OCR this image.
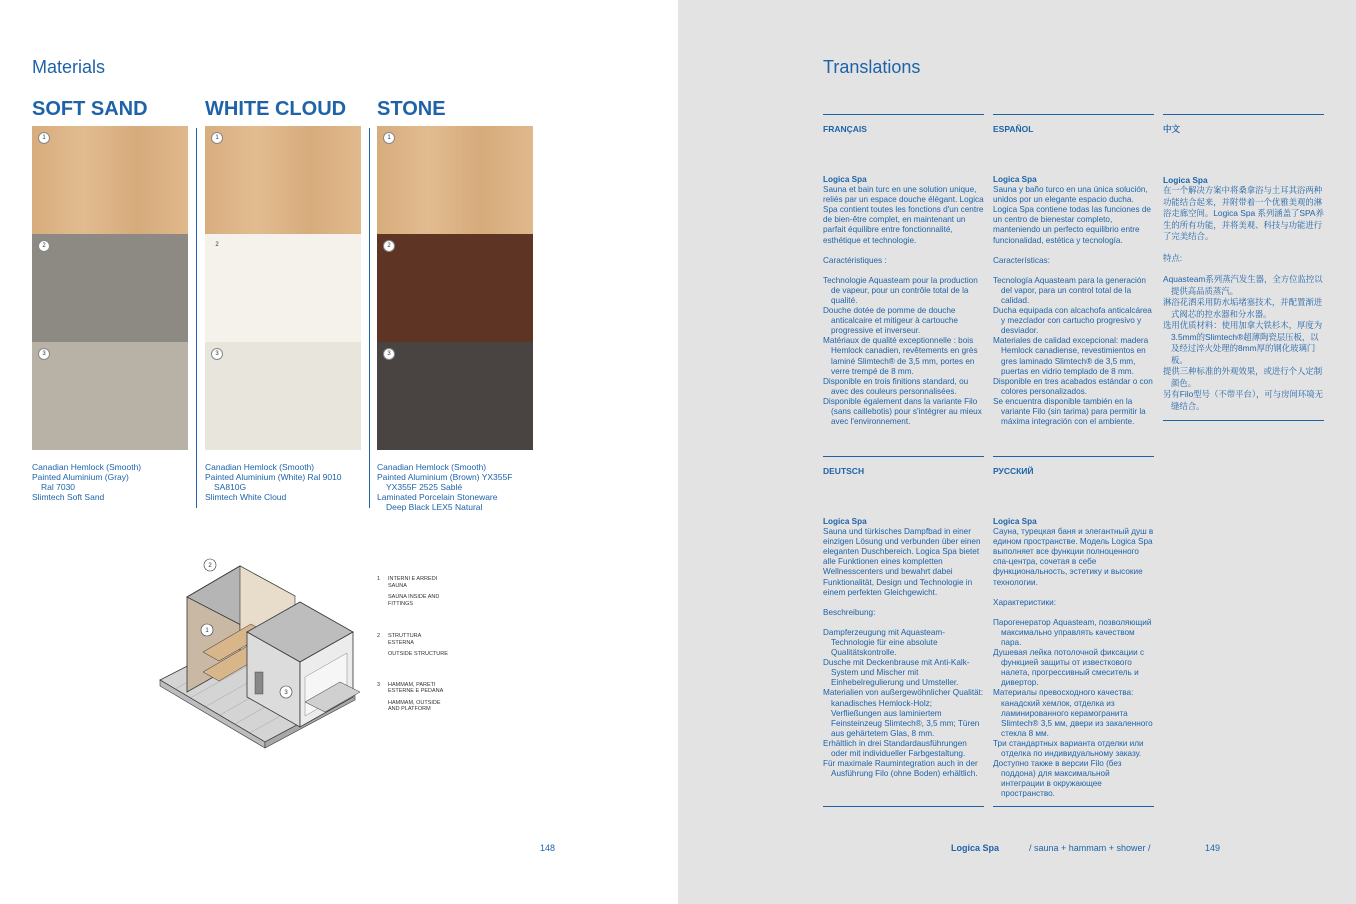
Materials
SOFT SAND
1
2
3
Canadian Hemlock (Smooth)
Painted Aluminium (Gray)

Ral 7030
Slimtech Soft Sand
WHITE CLOUD
1
2
3
Canadian Hemlock (Smooth)
Painted Aluminium (White) Ral 9010

SA810G
Slimtech White Cloud
STONE
1
2
3
Canadian Hemlock (Smooth)
Painted Aluminium (Brown) YX355F

YX355F 2525 Sablé
Laminated Porcelain Stoneware

Deep Black LEX5 Natural
2
1
3
1	INTERNI E ARREDI SAUNA
SAUNA INSIDE AND FITTINGS
2	STRUTTURA ESTERNA
OUTSIDE STRUCTURE
3	HAMMAM, PARETI ESTERNE E PEDANA
HAMMAM, OUTSIDE AND PLATFORM
148
Translations
FRANÇAIS

Logica Spa

Sauna et bain turc en une solution unique, reliés par un espace douche élégant. Logica Spa contient toutes les fonctions d'un centre de bien-être complet, en maintenant un parfait équilibre entre fonctionnalité, esthétique et technologie.

Caractéristiques :

Technologie Aquasteam pour la production de vapeur, pour un contrôle total de la qualité.

Douche dotée de pomme de douche anticalcaire et mitigeur à cartouche progressive et inverseur.

Matériaux de qualité exceptionnelle : bois Hemlock canadien, revêtements en grès laminé Slimtech® de 3,5 mm, portes en verre trempé de 8 mm.

Disponible en trois finitions standard, ou avec des couleurs personnalisées.

Disponible également dans la variante Filo (sans caillebotis) pour s'intégrer au mieux avec l'environnement.

ESPAÑOL

Logica Spa

Sauna y baño turco en una única solución, unidos por un elegante espacio ducha. Logica Spa contiene todas las funciones de un centro de bienestar completo, manteniendo un perfecto equilibrio entre funcionalidad, estética y tecnología.

Características:

Tecnología Aquasteam para la generación del vapor, para un control total de la calidad.

Ducha equipada con alcachofa anticalcárea y mezclador con cartucho progresivo y desviador.

Materiales de calidad excepcional: madera Hemlock canadiense, revestimientos en gres laminado Slimtech® de 3,5 mm, puertas en vidrio templado de 8 mm.

Disponible en tres acabados estándar o con colores personalizados.

Se encuentra disponible también en la variante Filo (sin tarima) para permitir la máxima integración con el ambiente.

中文

Logica Spa

在一个解决方案中将桑拿浴与土耳其浴两种功能结合起来，并附带着一个优雅美观的淋浴走廊空间。Logica Spa 系列涵盖了SPA养生的所有功能，并将美观、科技与功能进行了完美结合。

特点:

Aquasteam系列蒸汽发生器，全方位监控以提供高品质蒸汽。

淋浴花洒采用防水垢堵塞技术，并配置渐进式阀芯的控水器和分水器。

选用优质材料：使用加拿大铁杉木，厚度为3.5mm的Slimtech®超薄陶瓷层压板，以及经过淬火处理的8mm厚的钢化玻璃门板。

提供三种标准的外观效果，或进行个人定制颜色。

另有Filo型号（不带平台），可与房间环境无缝结合。

DEUTSCH

Logica Spa

Sauna und türkisches Dampfbad in einer einzigen Lösung und verbunden über einen eleganten Duschbereich. Logica Spa bietet alle Funktionen eines kompletten Wellnesscenters und bewahrt dabei Funktionalität, Design und Technologie in einem perfekten Gleichgewicht.

Beschreibung:

Dampferzeugung mit Aquasteam-Technologie für eine absolute Qualitätskontrolle.

Dusche mit Deckenbrause mit Anti-Kalk-System und Mischer mit Einhebelregulierung und Umsteller.

Materialien von außergewöhnlicher Qualität: kanadisches Hemlock-Holz; Verfließungen aus laminiertem Feinsteinzeug Slimtech®, 3,5 mm; Türen aus gehärtetem Glas, 8 mm.

Erhältlich in drei Standardausführungen oder mit individueller Farbgestaltung.

Für maximale Raumintegration auch in der Ausführung Filo (ohne Boden) erhältlich.

РУССКИЙ

Logica Spa

Сауна, турецкая баня и элегантный душ в едином пространстве. Модель Logica Spa выполняет все функции полноценного спа-центра, сочетая в себе функциональность, эстетику и высокие технологии.

Характеристики:

Парогенератор Aquasteam, позволяющий максимально управлять качеством пара.

Душевая лейка потолочной фиксации с функцией защиты от известкового налета, прогрессивный смеситель и дивертор.

Материалы превосходного качества: канадский хемлок, отделка из ламинированного керамогранита Slimtech® 3,5 мм, двери из закаленного стекла 8 мм.

Три стандартных варианта отделки или отделка по индивидуальному заказу.

Доступно также в версии Filo (без поддона) для максимальной интеграции в окружающее пространство.

Logica Spa	/ sauna + hammam + shower /	149
